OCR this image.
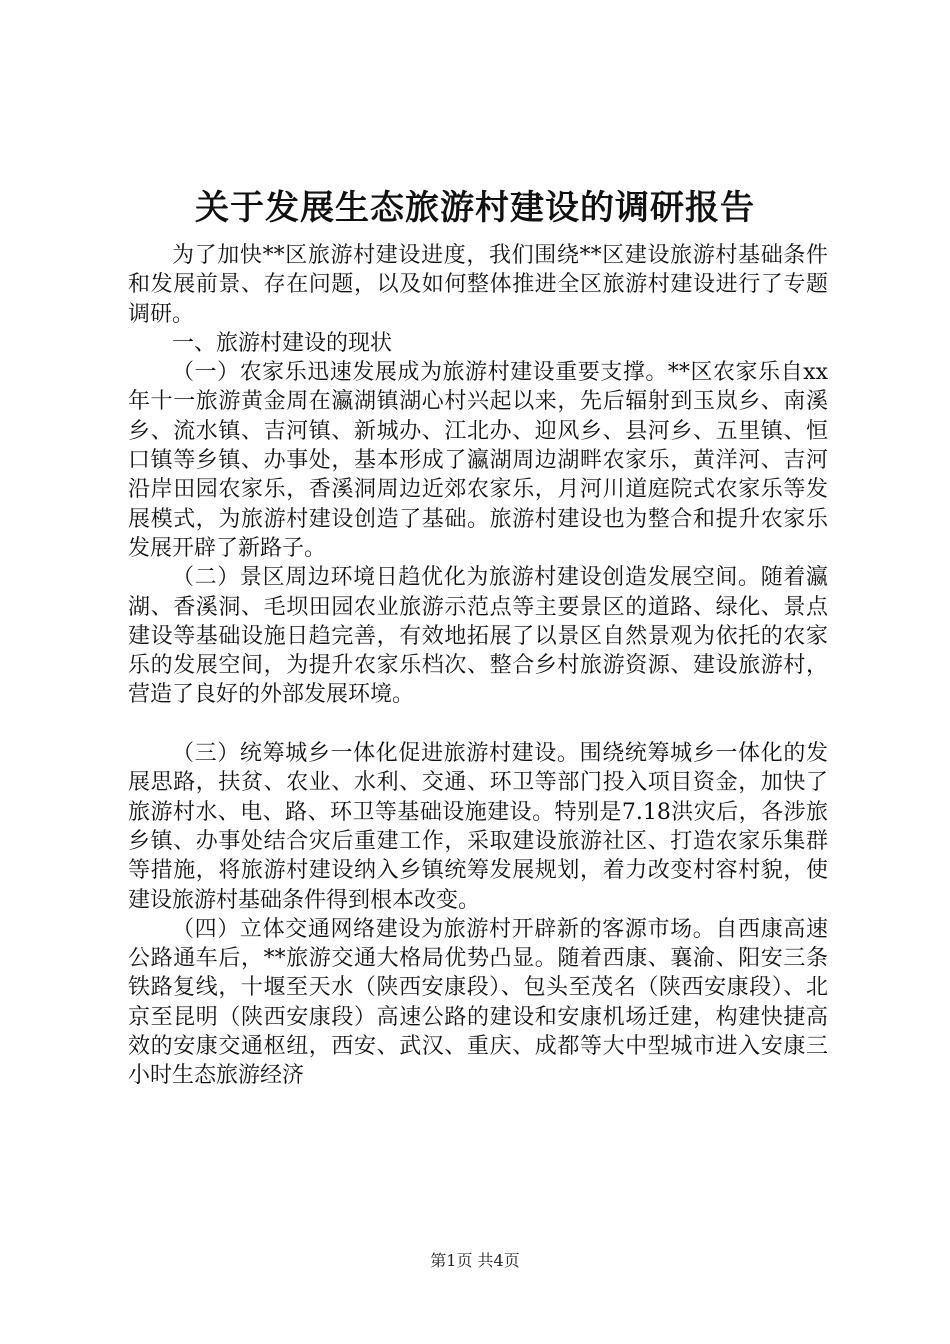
关于发展生态旅游村建设的调研报告

为了加快**区旅游村建设进度，我们围绕**区建设旅游村基础条件和发展前景、存在问题，以及如何整体推进全区旅游村建设进行了专题调研。

一、旅游村建设的现状

（一）农家乐迅速发展成为旅游村建设重要支撑。**区农家乐自xx年十一旅游黄金周在瀛湖镇湖心村兴起以来，先后辐射到玉岚乡、南溪乡、流水镇、吉河镇、新城办、江北办、迎风乡、县河乡、五里镇、恒口镇等乡镇、办事处，基本形成了瀛湖周边湖畔农家乐，黄洋河、吉河沿岸田园农家乐，香溪洞周边近郊农家乐，月河川道庭院式农家乐等发展模式，为旅游村建设创造了基础。旅游村建设也为整合和提升农家乐发展开辟了新路子。

（二）景区周边环境日趋优化为旅游村建设创造发展空间。随着瀛湖、香溪洞、毛坝田园农业旅游示范点等主要景区的道路、绿化、景点建设等基础设施日趋完善，有效地拓展了以景区自然景观为依托的农家乐的发展空间，为提升农家乐档次、整合乡村旅游资源、建设旅游村，营造了良好的外部发展环境。

（三）统筹城乡一体化促进旅游村建设。围绕统筹城乡一体化的发展思路，扶贫、农业、水利、交通、环卫等部门投入项目资金，加快了旅游村水、电、路、环卫等基础设施建设。特别是7.18洪灾后，各涉旅乡镇、办事处结合灾后重建工作，采取建设旅游社区、打造农家乐集群等措施，将旅游村建设纳入乡镇统筹发展规划，着力改变村容村貌，使建设旅游村基础条件得到根本改变。

（四）立体交通网络建设为旅游村开辟新的客源市场。自西康高速公路通车后，**旅游交通大格局优势凸显。随着西康、襄渝、阳安三条铁路复线，十堰至天水（陕西安康段）、包头至茂名（陕西安康段）、北京至昆明（陕西安康段）高速公路的建设和安康机场迁建，构建快捷高效的安康交通枢纽，西安、武汉、重庆、成都等大中型城市进入安康三小时生态旅游经济

第1页 共4页
